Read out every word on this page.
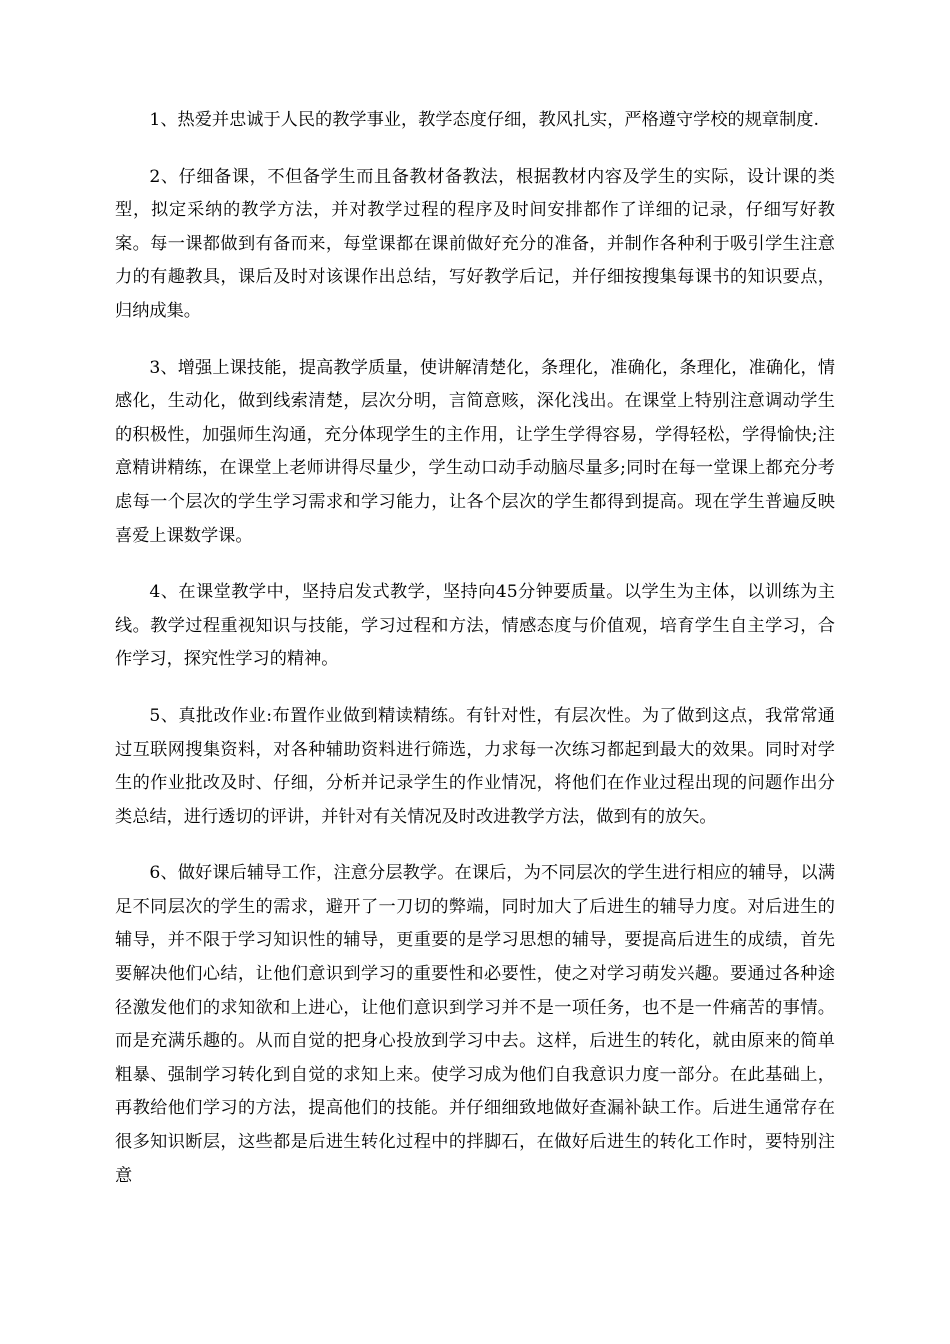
1、热爱并忠诚于人民的教学事业，教学态度仔细，教风扎实，严格遵守学校的规章制度.

2、仔细备课，不但备学生而且备教材备教法，根据教材内容及学生的实际，设计课的类型，拟定采纳的教学方法，并对教学过程的程序及时间安排都作了详细的记录，仔细写好教案。每一课都做到有备而来，每堂课都在课前做好充分的准备，并制作各种利于吸引学生注意力的有趣教具，课后及时对该课作出总结，写好教学后记，并仔细按搜集每课书的知识要点，归纳成集。

3、增强上课技能，提高教学质量，使讲解清楚化，条理化，准确化，条理化，准确化，情感化，生动化，做到线索清楚，层次分明，言简意赅，深化浅出。在课堂上特别注意调动学生的积极性，加强师生沟通，充分体现学生的主作用，让学生学得容易，学得轻松，学得愉快;注意精讲精练，在课堂上老师讲得尽量少，学生动口动手动脑尽量多;同时在每一堂课上都充分考虑每一个层次的学生学习需求和学习能力，让各个层次的学生都得到提高。现在学生普遍反映喜爱上课数学课。

4、在课堂教学中，坚持启发式教学，坚持向45分钟要质量。以学生为主体，以训练为主线。教学过程重视知识与技能，学习过程和方法，情感态度与价值观，培育学生自主学习，合作学习，探究性学习的精神。

5、真批改作业:布置作业做到精读精练。有针对性，有层次性。为了做到这点，我常常通过互联网搜集资料，对各种辅助资料进行筛选，力求每一次练习都起到最大的效果。同时对学生的作业批改及时、仔细，分析并记录学生的作业情况，将他们在作业过程出现的问题作出分类总结，进行透切的评讲，并针对有关情况及时改进教学方法，做到有的放矢。

6、做好课后辅导工作，注意分层教学。在课后，为不同层次的学生进行相应的辅导，以满足不同层次的学生的需求，避开了一刀切的弊端，同时加大了后进生的辅导力度。对后进生的辅导，并不限于学习知识性的辅导，更重要的是学习思想的辅导，要提高后进生的成绩，首先要解决他们心结，让他们意识到学习的重要性和必要性，使之对学习萌发兴趣。要通过各种途径激发他们的求知欲和上进心，让他们意识到学习并不是一项任务，也不是一件痛苦的事情。而是充满乐趣的。从而自觉的把身心投放到学习中去。这样，后进生的转化，就由原来的简单粗暴、强制学习转化到自觉的求知上来。使学习成为他们自我意识力度一部分。在此基础上，再教给他们学习的方法，提高他们的技能。并仔细细致地做好查漏补缺工作。后进生通常存在很多知识断层，这些都是后进生转化过程中的拌脚石，在做好后进生的转化工作时，要特别注意
